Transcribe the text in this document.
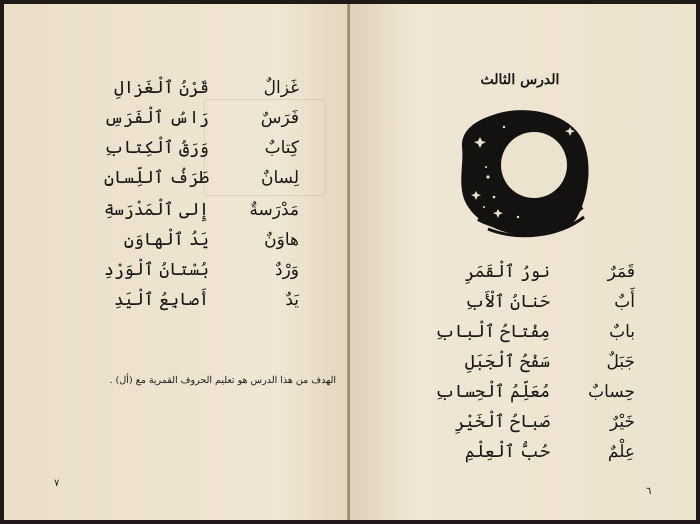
غَزالٌ
قَرْنُ ٱلْغَزالِ
فَرَسٌ
رَاسُ ٱلْفَرَسِ
كِتابٌ
وَرَقُ ٱلْكِتابِ
لِسانٌ
طَرَفُ ٱللِّسانِ
مَدْرَسةٌ
إِلى ٱلْمَدْرَسةِ
هاوَنٌ
يَدُ ٱلْهاوَنِ
وَرْدٌ
بُسْتانُ ٱلْوَرْدِ
يَدٌ
أَصابِعُ ٱلْيَدِ
الهدف من هذا الدرس هو تعليم الحروف القمرية مع (أل) .
٧
الدرس الثالث
قَمَرٌ
نورُ ٱلْقَمَرِ
أَبٌ
حَنانُ ٱلْأَبِ
بابٌ
مِفْتاحُ ٱلْبابِ
جَبَلٌ
سَفْحُ ٱلْجَبَلِ
حِسابٌ
مُعَلِّمُ ٱلْحِسابِ
خَيْرٌ
صَباحُ ٱلْخَيْرِ
عِلْمٌ
حُبُّ ٱلْعِلْمِ
٦
